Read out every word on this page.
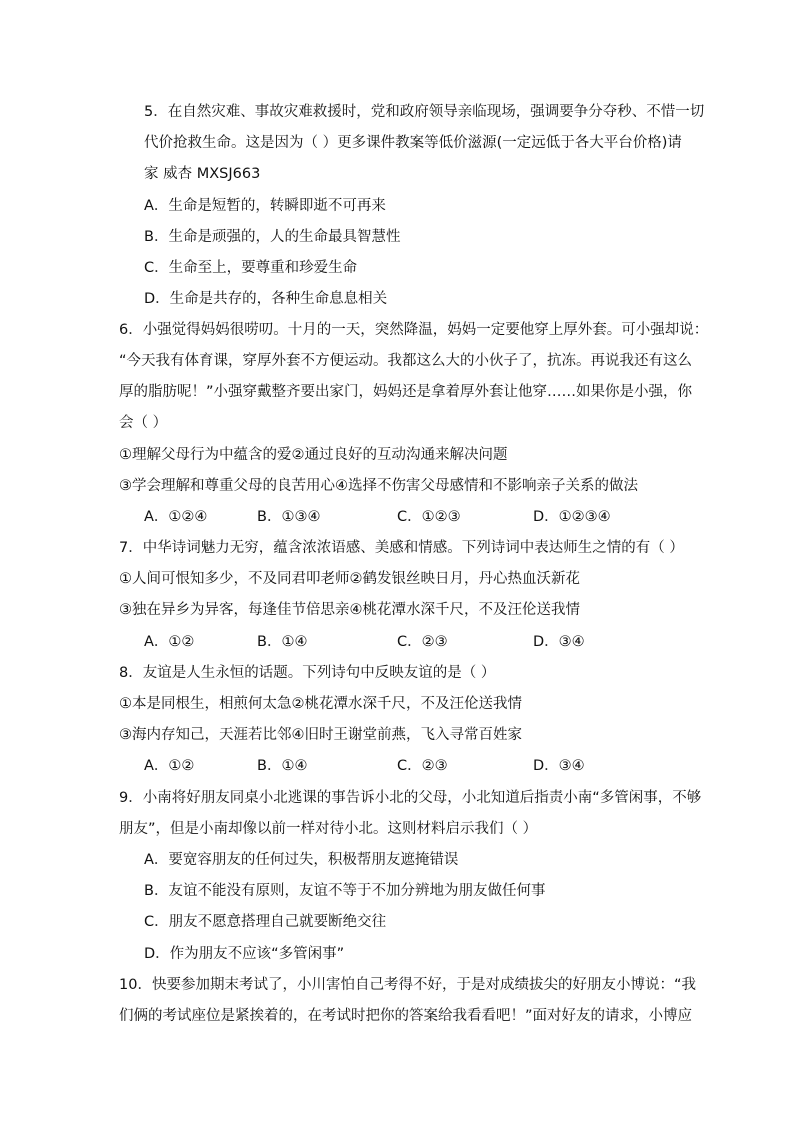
5．在自然灾难、事故灾难救援时，党和政府领导亲临现场，强调要争分夺秒、不惜一切
代价抢救生命。这是因为（ ）更多课件教案等低价滋源(一定远低于各大平台价格)请
家 威杏 MXSJ663
A．生命是短暂的，转瞬即逝不可再来
B．生命是顽强的，人的生命最具智慧性
C．生命至上，要尊重和珍爱生命
D．生命是共存的，各种生命息息相关
6．小强觉得妈妈很唠叨。十月的一天，突然降温，妈妈一定要他穿上厚外套。可小强却说：
“今天我有体育课，穿厚外套不方便运动。我都这么大的小伙子了，抗冻。再说我还有这么
厚的脂肪呢！”小强穿戴整齐要出家门，妈妈还是拿着厚外套让他穿……如果你是小强，你
会（ ）
①理解父母行为中蕴含的爱②通过良好的互动沟通来解决问题
③学会理解和尊重父母的良苦用心④选择不伤害父母感情和不影响亲子关系的做法
A．①②④	B．①③④	C．①②③	D．①②③④
7．中华诗词魅力无穷，蕴含浓浓语感、美感和情感。下列诗词中表达师生之情的有（ ）
①人间可恨知多少，不及同君叩老师②鹤发银丝映日月，丹心热血沃新花
③独在异乡为异客，每逢佳节倍思亲④桃花潭水深千尺，不及汪伦送我情
A．①②	B．①④	C．②③	D．③④
8．友谊是人生永恒的话题。下列诗句中反映友谊的是（ ）
①本是同根生，相煎何太急②桃花潭水深千尺，不及汪伦送我情
③海内存知己，天涯若比邻④旧时王谢堂前燕，飞入寻常百姓家
A．①②	B．①④	C．②③	D．③④
9．小南将好朋友同桌小北逃课的事告诉小北的父母，小北知道后指责小南“多管闲事，不够
朋友”，但是小南却像以前一样对待小北。这则材料启示我们（ ）
A．要宽容朋友的任何过失，积极帮朋友遮掩错误
B．友谊不能没有原则，友谊不等于不加分辨地为朋友做任何事
C．朋友不愿意搭理自己就要断绝交往
D．作为朋友不应该“多管闲事”
10．快要参加期末考试了，小川害怕自己考得不好，于是对成绩拔尖的好朋友小博说：“我
们俩的考试座位是紧挨着的，在考试时把你的答案给我看看吧！”面对好友的请求，小博应
